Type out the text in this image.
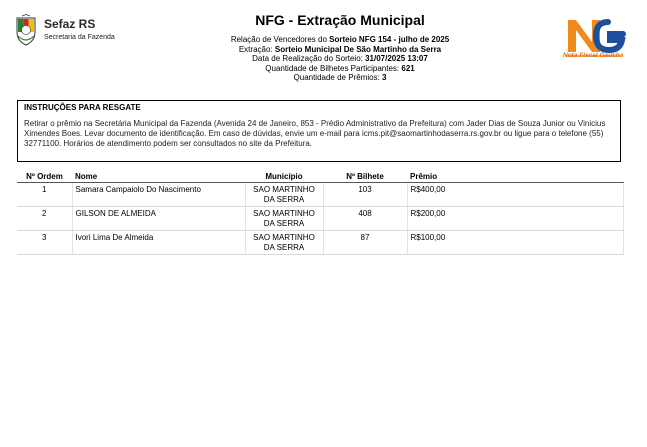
Sefaz RS
Secretaria da Fazenda
NFG - Extração Municipal
Relação de Vencedores do Sorteio NFG 154 - julho de 2025
Extração: Sorteio Municipal De São Martinho da Serra
Data de Realização do Sorteio: 31/07/2025 13:07
Quantidade de Bilhetes Participantes: 621
Quantidade de Prêmios: 3
Nota Fiscal Gaúcha
INSTRUÇÕES PARA RESGATE
Retirar o prêmio na Secretária Municipal da Fazenda (Avenida 24 de Janeiro, 853 - Prédio Administrativo da Prefeitura) com Jader Dias de Souza Junior ou Vinicius Ximendes Boes. Levar documento de identificação. Em caso de dúvidas, envie um e-mail para icms.pit@saomartinhodaserra.rs.gov.br ou ligue para o telefone (55) 32771100. Horários de atendimento podem ser consultados no site da Prefeitura.
Nº Ordem	Nome	Município	Nº Bilhete	Prêmio
1	Samara Campaiolo Do Nascimento	SAO MARTINHO DA SERRA	103	R$400,00
2	GILSON DE ALMEIDA	SAO MARTINHO DA SERRA	408	R$200,00
3	Ivori Lima De Almeida	SAO MARTINHO DA SERRA	87	R$100,00
